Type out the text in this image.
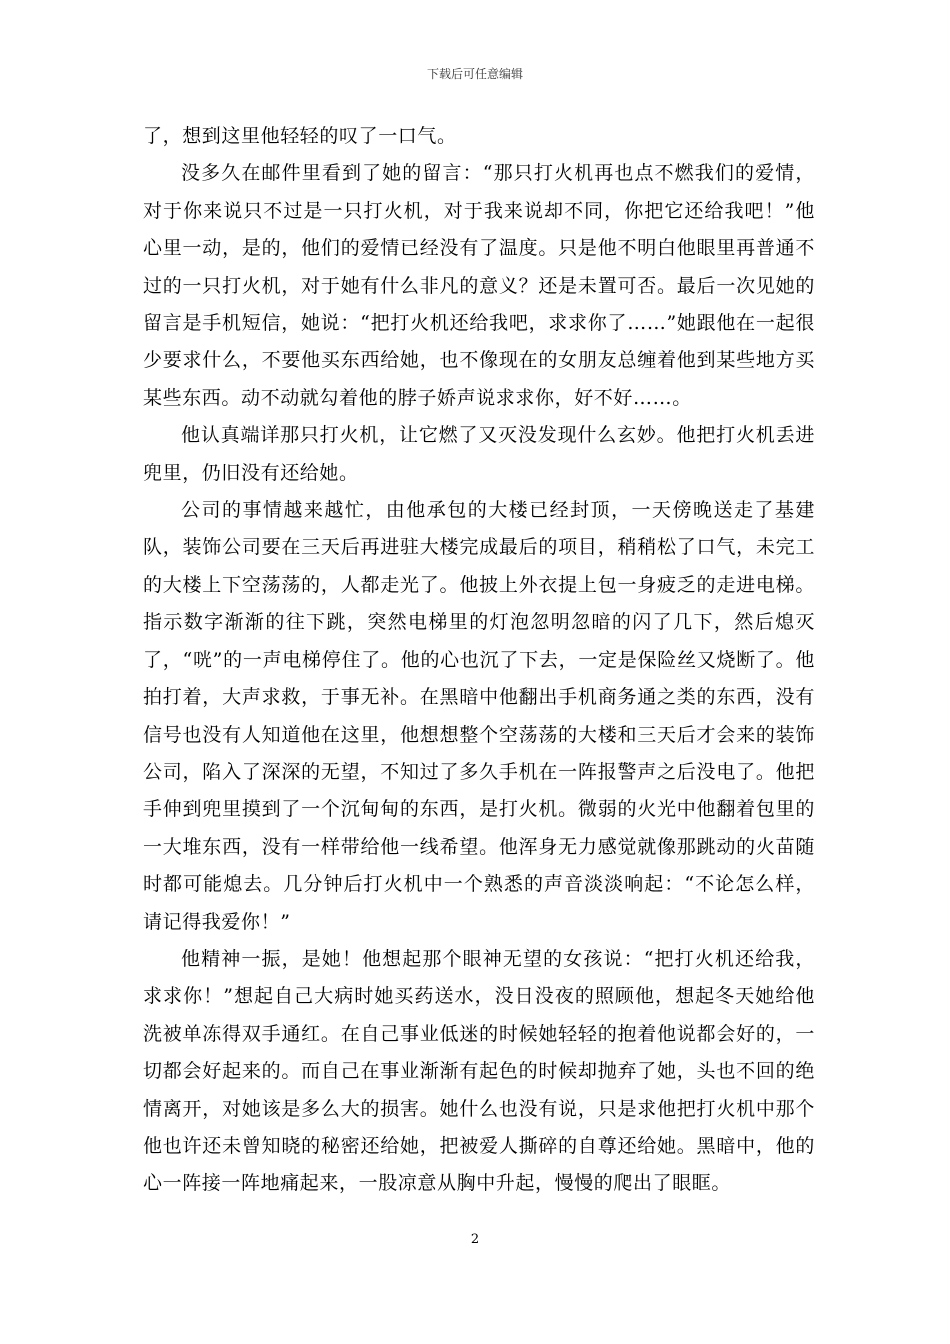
下载后可任意编辑

了，想到这里他轻轻的叹了一口气。

没多久在邮件里看到了她的留言：“那只打火机再也点不燃我们的爱情，对于你来说只不过是一只打火机，对于我来说却不同，你把它还给我吧！”他心里一动，是的，他们的爱情已经没有了温度。只是他不明白他眼里再普通不过的一只打火机，对于她有什么非凡的意义？还是未置可否。最后一次见她的留言是手机短信，她说：“把打火机还给我吧，求求你了……”她跟他在一起很少要求什么，不要他买东西给她，也不像现在的女朋友总缠着他到某些地方买某些东西。动不动就勾着他的脖子娇声说求求你，好不好……。

他认真端详那只打火机，让它燃了又灭没发现什么玄妙。他把打火机丢进兜里，仍旧没有还给她。

公司的事情越来越忙，由他承包的大楼已经封顶，一天傍晚送走了基建队，装饰公司要在三天后再进驻大楼完成最后的项目，稍稍松了口气，未完工的大楼上下空荡荡的，人都走光了。他披上外衣提上包一身疲乏的走进电梯。指示数字渐渐的往下跳，突然电梯里的灯泡忽明忽暗的闪了几下，然后熄灭了，“咣”的一声电梯停住了。他的心也沉了下去，一定是保险丝又烧断了。他拍打着，大声求救，于事无补。在黑暗中他翻出手机商务通之类的东西，没有信号也没有人知道他在这里，他想想整个空荡荡的大楼和三天后才会来的装饰公司，陷入了深深的无望，不知过了多久手机在一阵报警声之后没电了。他把手伸到兜里摸到了一个沉甸甸的东西，是打火机。微弱的火光中他翻着包里的一大堆东西，没有一样带给他一线希望。他浑身无力感觉就像那跳动的火苗随时都可能熄去。几分钟后打火机中一个熟悉的声音淡淡响起：“不论怎么样，请记得我爱你！”

他精神一振，是她！他想起那个眼神无望的女孩说：“把打火机还给我，求求你！”想起自己大病时她买药送水，没日没夜的照顾他，想起冬天她给他洗被单冻得双手通红。在自己事业低迷的时候她轻轻的抱着他说都会好的，一切都会好起来的。而自己在事业渐渐有起色的时候却抛弃了她，头也不回的绝情离开，对她该是多么大的损害。她什么也没有说，只是求他把打火机中那个他也许还未曾知晓的秘密还给她，把被爱人撕碎的自尊还给她。黑暗中，他的心一阵接一阵地痛起来，一股凉意从胸中升起，慢慢的爬出了眼眶。

2
